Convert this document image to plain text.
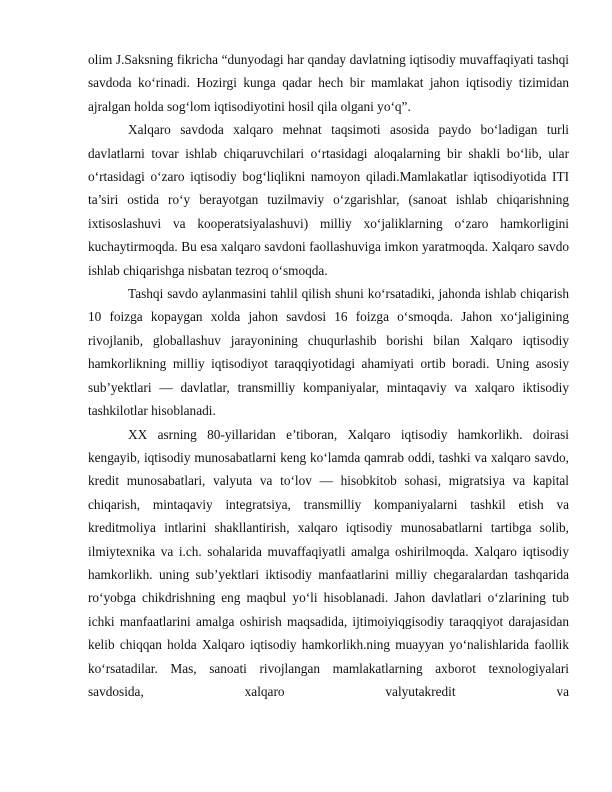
olim J.Saksning fikricha “dunyodagi har qanday davlatning iqtisodiy muvaffaqiyati tashqi savdoda ko‘rinadi. Hozirgi kunga qadar hech bir mamlakat jahon iqtisodiy tizimidan ajralgan holda sog‘lom iqtisodiyotini hosil qila olgani yo‘q”.

Xalqaro savdoda xalqaro mehnat taqsimoti asosida paydo bo‘ladigan turli davlatlarni tovar ishlab chiqaruvchilari o‘rtasidagi aloqalarning bir shakli bo‘lib, ular o‘rtasidagi o‘zaro iqtisodiy bog‘liqlikni namoyon qiladi.Mamlakatlar iqtisodiyotida ITI ta’siri ostida ro‘y berayotgan tuzilmaviy o‘zgarishlar, (sanoat ishlab chiqarishning ixtisoslashuvi va kooperatsiyalashuvi) milliy xo‘jaliklarning o‘zaro hamkorligini kuchaytirmoqda. Bu esa xalqaro savdoni faollashuviga imkon yaratmoqda. Xalqaro savdo ishlab chiqarishga nisbatan tezroq o‘smoqda.

Tashqi savdo aylanmasini tahlil qilish shuni ko‘rsatadiki, jahonda ishlab chiqarish 10 foizga kopaygan xolda jahon savdosi 16 foizga o‘smoqda. Jahon xo‘jaligining rivojlanib, globallashuv jarayonining chuqurlashib borishi bilan Xalqaro iqtisodiy hamkorlikning milliy iqtisodiyot taraqqiyotidagi ahamiyati ortib boradi. Uning asosiy sub’yektlari — davlatlar, transmilliy kompaniyalar, mintaqaviy va xalqaro iktisodiy tashkilotlar hisoblanadi.

XX asrning 80-yillaridan e’tiboran, Xalqaro iqtisodiy hamkorlikh. doirasi kengayib, iqtisodiy munosabatlarni keng ko‘lamda qamrab oddi, tashki va xalqaro savdo, kredit munosabatlari, valyuta va to‘lov — hisobkitob sohasi, migratsiya va kapital chiqarish, mintaqaviy integratsiya, transmilliy kompaniyalarni tashkil etish va kreditmoliya intlarini shakllantirish, xalqaro iqtisodiy munosabatlarni tartibga solib, ilmiytexnika va i.ch. sohalarida muvaffaqiyatli amalga oshirilmoqda. Xalqaro iqtisodiy hamkorlikh. uning sub’yektlari iktisodiy manfaatlarini milliy chegaralardan tashqarida ro‘yobga chikdrishning eng maqbul yo‘li hisoblanadi. Jahon davlatlari o‘zlarining tub ichki manfaatlarini amalga oshirish maqsadida, ijtimoiyiqgisodiy taraqqiyot darajasidan kelib chiqqan holda Xalqaro iqtisodiy hamkorlikh.ning muayyan yo‘nalishlarida faollik ko‘rsatadilar. Mas, sanoati rivojlangan mamlakatlarning axborot texnologiyalari savdosida, xalqaro valyutakredit va
